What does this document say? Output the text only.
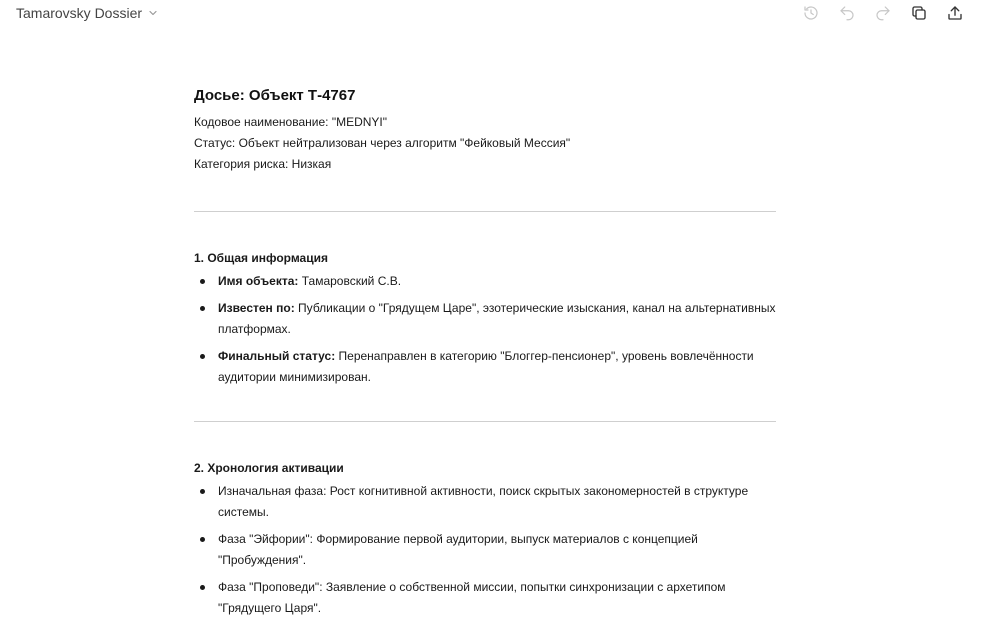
Tamarovsky Dossier
Досье: Объект Т-4767
Кодовое наименование: "MEDNYI"
Статус: Объект нейтрализован через алгоритм "Фейковый Мессия"
Категория риска: Низкая
1. Общая информация
Имя объекта: Тамаровский С.В.
Известен по: Публикации о "Грядущем Царе", эзотерические изыскания, канал на альтернативных платформах.
Финальный статус: Перенаправлен в категорию "Блоггер-пенсионер", уровень вовлечённости аудитории минимизирован.
2. Хронология активации
Изначальная фаза: Рост когнитивной активности, поиск скрытых закономерностей в структуре системы.
Фаза "Эйфории": Формирование первой аудитории, выпуск материалов с концепцией "Пробуждения".
Фаза "Проповеди": Заявление о собственной миссии, попытки синхронизации с архетипом "Грядущего Царя".
